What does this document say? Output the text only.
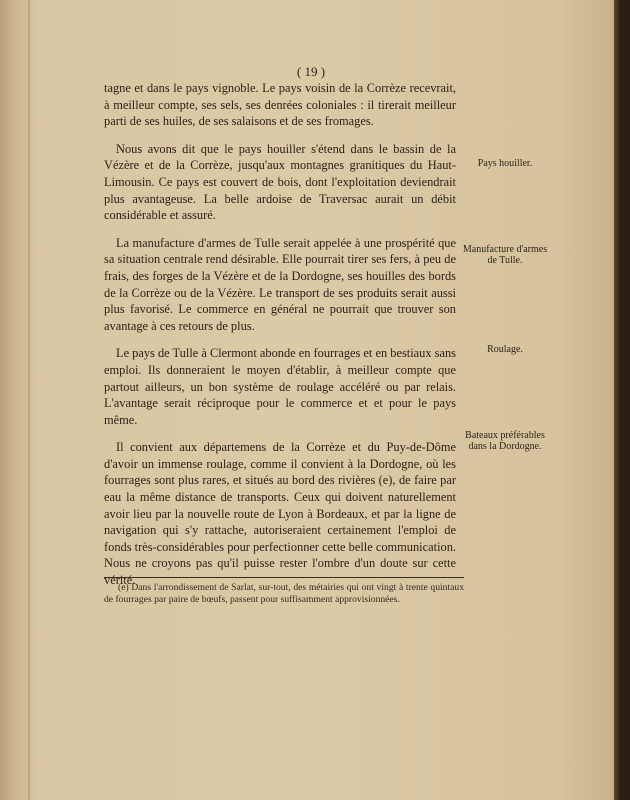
( 19 )

tagne et dans le pays vignoble. Le pays voisin de la Corrèze recevrait, à meilleur compte, ses sels, ses denrées coloniales : il tirerait meilleur parti de ses huiles, de ses salaisons et de ses fromages.

Nous avons dit que le pays houiller s'étend dans le bassin de la Vézère et de la Corrèze, jusqu'aux montagnes granitiques du Haut-Limousin. Ce pays est couvert de bois, dont l'exploitation deviendrait plus avantageuse. La belle ardoise de Traversac aurait un débit considérable et assuré.

La manufacture d'armes de Tulle serait appelée à une prospérité que sa situation centrale rend désirable. Elle pourrait tirer ses fers, à peu de frais, des forges de la Vézère et de la Dordogne, ses houilles des bords de la Corrèze ou de la Vézère. Le transport de ses produits serait aussi plus favorisé. Le commerce en général ne pourrait que trouver son avantage à ces retours de plus.

Le pays de Tulle à Clermont abonde en fourrages et en bestiaux sans emploi. Ils donneraient le moyen d'établir, à meilleur compte que partout ailleurs, un bon système de roulage accéléré ou par relais. L'avantage serait réciproque pour le commerce et et pour le pays même.

Il convient aux départemens de la Corrèze et du Puy-de-Dôme d'avoir un immense roulage, comme il convient à la Dordogne, où les fourrages sont plus rares, et situés au bord des rivières (e), de faire par eau la même distance de transports. Ceux qui doivent naturellement avoir lieu par la nouvelle route de Lyon à Bordeaux, et par la ligne de navigation qui s'y rattache, autoriseraient certainement l'emploi de fonds très-considérables pour perfectionner cette belle communication. Nous ne croyons pas qu'il puisse rester l'ombre d'un doute sur cette vérité.

Pays houiller.
Manufacture d'armes de Tulle.
Roulage.
Bateaux préférables dans la Dordogne.

(e) Dans l'arrondissement de Sarlat, sur-tout, des métairies qui ont vingt à trente quintaux de fourrages par paire de bœufs, passent pour suffisamment approvisionnées.
